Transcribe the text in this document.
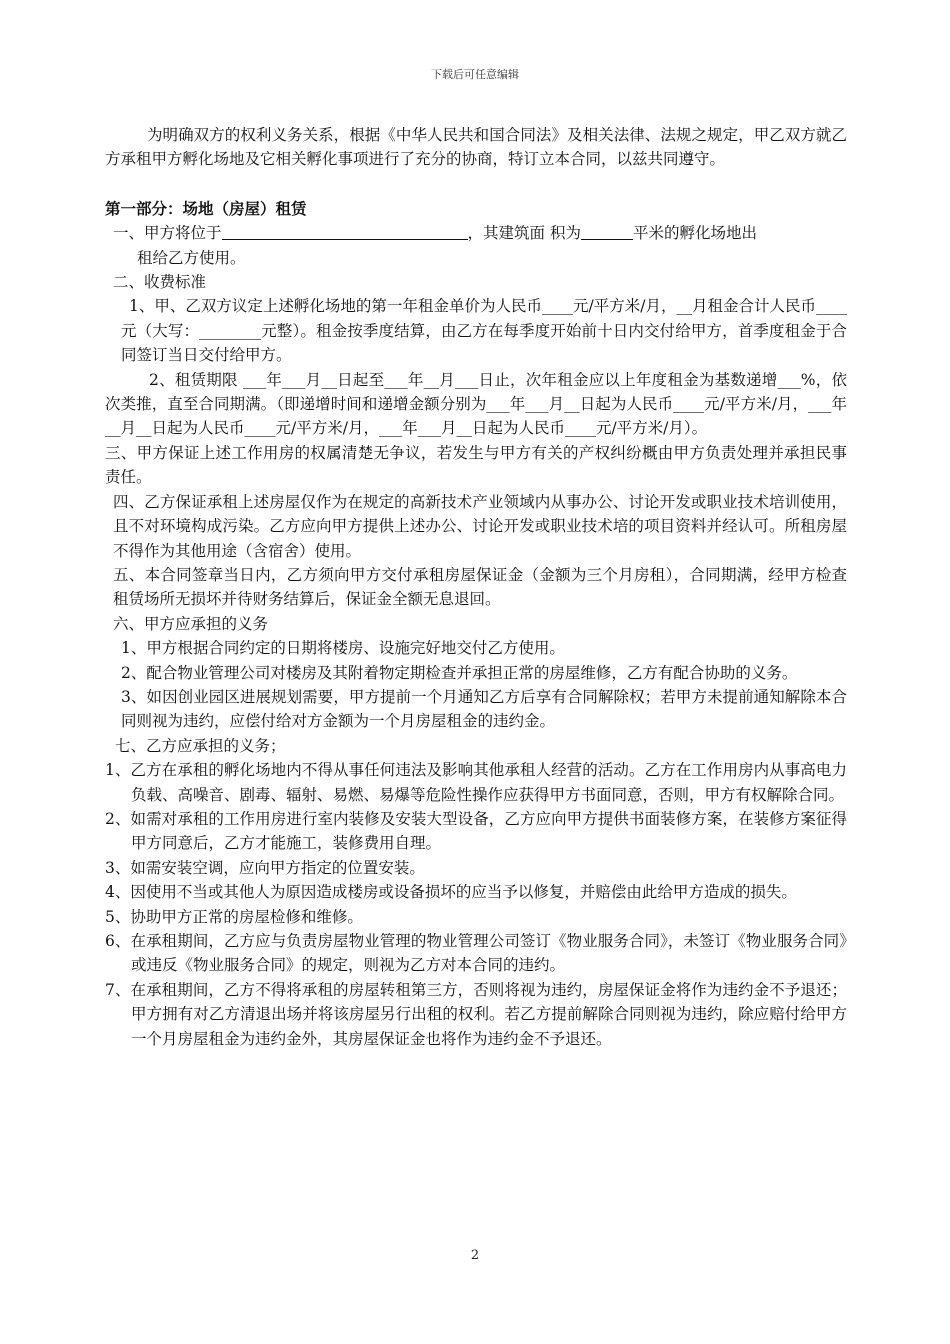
下载后可任意编辑

为明确双方的权利义务关系，根据《中华人民共和国合同法》及相关法律、法规之规定，甲乙双方就乙方承租甲方孵化场地及它相关孵化事项进行了充分的协商，特订立本合同，以兹共同遵守。

第一部分：场地（房屋）租赁

一、甲方将位于	，其建筑面 积为	平米的孵化场地出

租给乙方使用。

二、收费标准

1、甲、乙双方议定上述孵化场地的第一年租金单价为人民币____元/平方米/月，__月租金合计人民币____元（大写：________元整）。租金按季度结算，由乙方在每季度开始前十日内交付给甲方，首季度租金于合同签订当日交付给甲方。

2、租赁期限 ___年___月__日起至___年__月___日止，次年租金应以上年度租金为基数递增___%，依次类推，直至合同期满。（即递增时间和递增金额分别为___年___月__日起为人民币____元/平方米/月，___年__月__日起为人民币____元/平方米/月，___年___月__日起为人民币____元/平方米/月）。

三、甲方保证上述工作用房的权属清楚无争议，若发生与甲方有关的产权纠纷概由甲方负责处理并承担民事责任。

四、乙方保证承租上述房屋仅作为在规定的高新技术产业领域内从事办公、讨论开发或职业技术培训使用，且不对环境构成污染。乙方应向甲方提供上述办公、讨论开发或职业技术培的项目资料并经认可。所租房屋不得作为其他用途（含宿舍）使用。

五、本合同签章当日内，乙方须向甲方交付承租房屋保证金（金额为三个月房租），合同期满，经甲方检查租赁场所无损坏并待财务结算后，保证金全额无息退回。

六、甲方应承担的义务

1、甲方根据合同约定的日期将楼房、设施完好地交付乙方使用。

2、配合物业管理公司对楼房及其附着物定期检查并承担正常的房屋维修，乙方有配合协助的义务。

3、如因创业园区进展规划需要，甲方提前一个月通知乙方后享有合同解除权；若甲方未提前通知解除本合同则视为违约，应偿付给对方金额为一个月房屋租金的违约金。

七、乙方应承担的义务；

1、乙方在承租的孵化场地内不得从事任何违法及影响其他承租人经营的活动。乙方在工作用房内从事高电力负载、高噪音、剧毒、辐射、易燃、易爆等危险性操作应获得甲方书面同意，否则，甲方有权解除合同。

2、如需对承租的工作用房进行室内装修及安装大型设备，乙方应向甲方提供书面装修方案，在装修方案征得甲方同意后，乙方才能施工，装修费用自理。

3、如需安装空调，应向甲方指定的位置安装。

4、因使用不当或其他人为原因造成楼房或设备损坏的应当予以修复，并赔偿由此给甲方造成的损失。

5、协助甲方正常的房屋检修和维修。

6、在承租期间，乙方应与负责房屋物业管理的物业管理公司签订《物业服务合同》，未签订《物业服务合同》或违反《物业服务合同》的规定，则视为乙方对本合同的违约。

7、在承租期间，乙方不得将承租的房屋转租第三方，否则将视为违约，房屋保证金将作为违约金不予退还；甲方拥有对乙方清退出场并将该房屋另行出租的权利。若乙方提前解除合同则视为违约，除应赔付给甲方一个月房屋租金为违约金外，其房屋保证金也将作为违约金不予退还。

2
